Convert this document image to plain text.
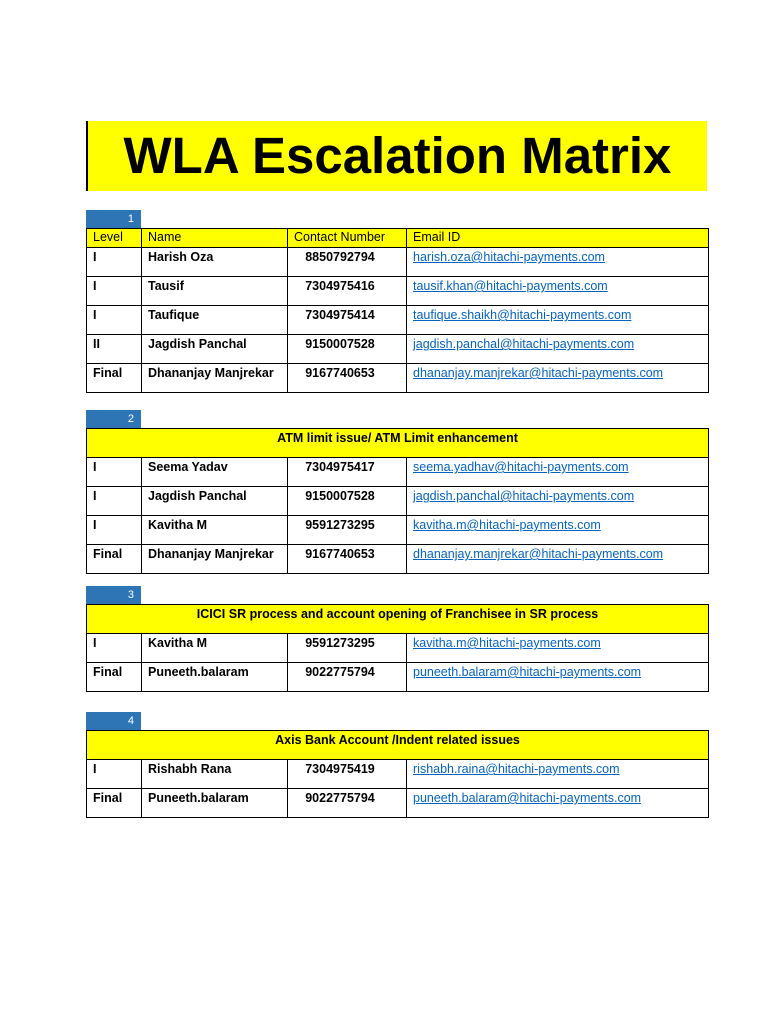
WLA Escalation Matrix
1
Level	Name	Contact Number	Email ID
I	Harish Oza	8850792794	harish.oza@hitachi-payments.com
I	Tausif	7304975416	tausif.khan@hitachi-payments.com
I	Taufique	7304975414	taufique.shaikh@hitachi-payments.com
II	Jagdish Panchal	9150007528	jagdish.panchal@hitachi-payments.com
Final	Dhananjay Manjrekar	9167740653	dhananjay.manjrekar@hitachi-payments.com
2
ATM limit issue/ ATM Limit enhancement			
I	Seema Yadav	7304975417	seema.yadhav@hitachi-payments.com
I	Jagdish Panchal	9150007528	jagdish.panchal@hitachi-payments.com
I	Kavitha M	9591273295	kavitha.m@hitachi-payments.com
Final	Dhananjay Manjrekar	9167740653	dhananjay.manjrekar@hitachi-payments.com
3
ICICI SR process and account opening of Franchisee in SR process			
I	Kavitha M	9591273295	kavitha.m@hitachi-payments.com
Final	Puneeth.balaram	9022775794	puneeth.balaram@hitachi-payments.com
4
Axis Bank Account /Indent related issues			
I	Rishabh Rana	7304975419	rishabh.raina@hitachi-payments.com
Final	Puneeth.balaram	9022775794	puneeth.balaram@hitachi-payments.com
